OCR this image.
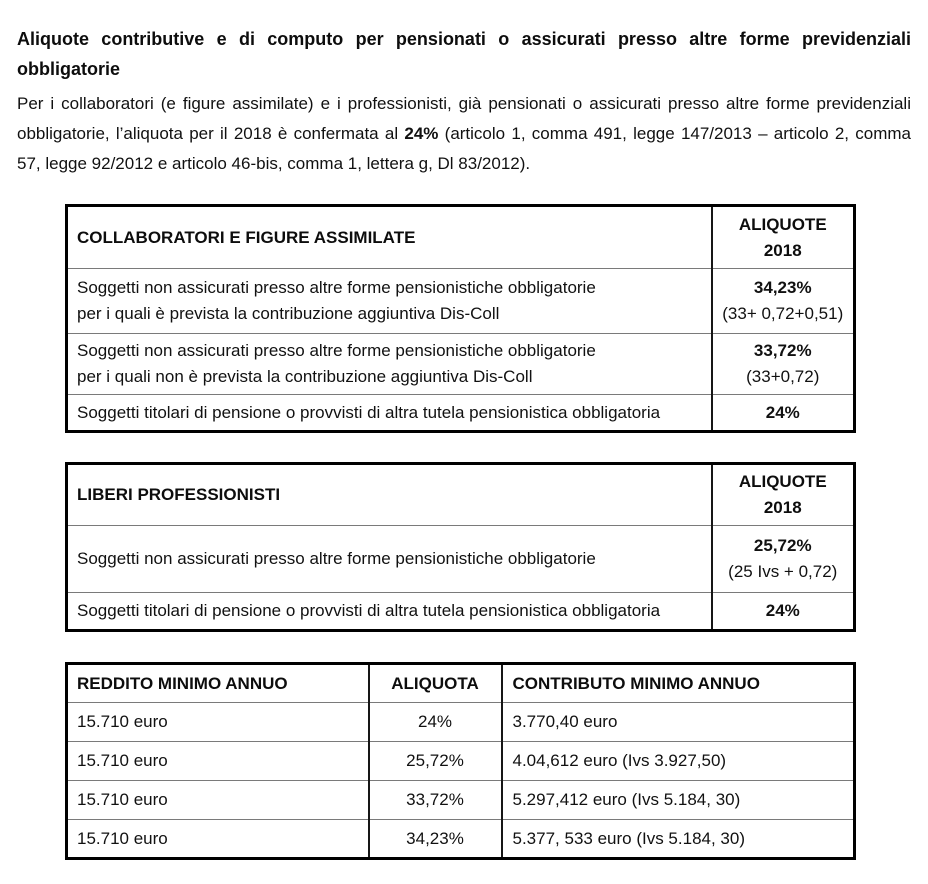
Aliquote contributive e di computo per pensionati o assicurati presso altre forme previdenziali obbligatorie

Per i collaboratori (e figure assimilate) e i professionisti, già pensionati o assicurati presso altre forme previdenziali obbligatorie, l’aliquota per il 2018 è confermata al 24% (articolo 1, comma 491, legge 147/2013 – articolo 2, comma 57, legge 92/2012 e articolo 46-bis, comma 1, lettera g, Dl 83/2012).

COLLABORATORI E FIGURE ASSIMILATE	ALIQUOTE
2018

Soggetti non assicurati presso altre forme pensionistiche obbligatorie
per i quali è prevista la contribuzione aggiuntiva Dis-Coll	34,23%
(33+ 0,72+0,51)

Soggetti non assicurati presso altre forme pensionistiche obbligatorie
per i quali non è prevista la contribuzione aggiuntiva Dis-Coll	33,72%
(33+0,72)

Soggetti titolari di pensione o provvisti di altra tutela pensionistica obbligatoria	24%
LIBERI PROFESSIONISTI	ALIQUOTE
2018

Soggetti non assicurati presso altre forme pensionistiche obbligatorie	25,72%
(25 Ivs + 0,72)

Soggetti titolari di pensione o provvisti di altra tutela pensionistica obbligatoria	24%
REDDITO MINIMO ANNUO	ALIQUOTA	CONTRIBUTO MINIMO ANNUO
15.710 euro	24%	3.770,40 euro
15.710 euro	25,72%	4.04,612 euro (Ivs 3.927,50)
15.710 euro	33,72%	5.297,412 euro (Ivs 5.184, 30)
15.710 euro	34,23%	5.377, 533 euro (Ivs 5.184, 30)
